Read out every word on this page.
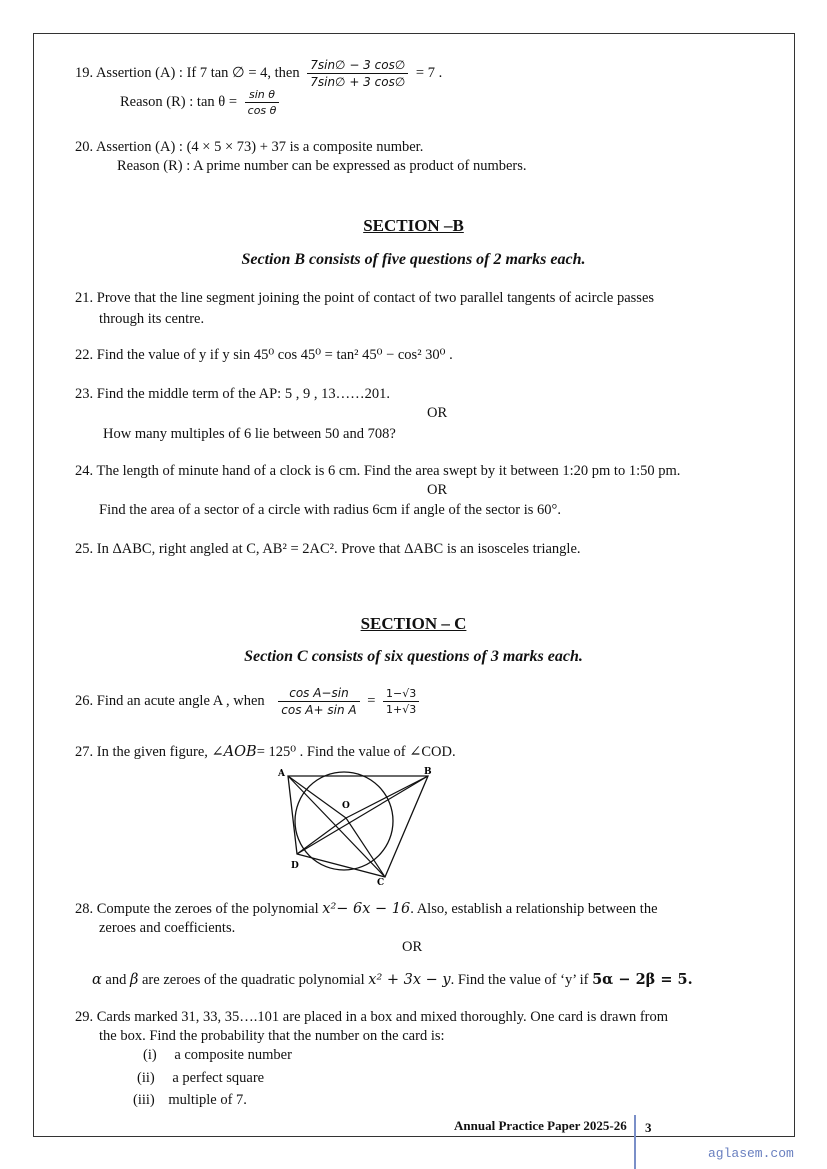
19. Assertion (A) : If 7 tan ∅ = 4, then $\frac{7\sin\emptyset - 3 \cos\emptyset}{7\sin\emptyset + 3 \cos\emptyset} = 7$ .
Reason (R) : $\tan \theta = \frac{\text{sin θ}}{\text{cos θ}}$
20. Assertion (A) : (4 × 5 × 73) + 37 is a composite number.
Reason (R) : A prime number can be expressed as product of numbers.
SECTION –B
Section B consists of five questions of 2 marks each.
21. Prove that the line segment joining the point of contact of two parallel tangents of acircle passes
through its centre.
22. Find the value of y if y sin 45⁰ cos 45⁰ = tan² 45⁰ − cos² 30⁰ .
23. Find the middle term of the AP: 5 , 9 , 13……201.
OR
How many multiples of 6 lie between 50 and 708?
24. The length of minute hand of a clock is 6 cm. Find the area swept by it between 1:20 pm to 1:50 pm.
OR
Find the area of a sector of a circle with radius 6cm if angle of the sector is 60°.
25. In ΔABC, right angled at C, AB² = 2AC². Prove that ΔABC is an isosceles triangle.
SECTION – C
Section C consists of six questions of 3 marks each.
26. Find an acute angle A , when $\frac{\text{cos A−sin}}{\text{cos A+ sin A}} = \frac{1-√3}{1+√3}$
27. In the given figure, ∠AOB= 125⁰ . Find the value of ∠COD.
A	B
C
D
O
28. Compute the zeroes of the polynomial x²− 6x − 16. Also, establish a relationship between the
zeroes and coefficients.
OR
α and β are zeroes of the quadratic polynomial x² + 3x − y. Find the value of ‘y’ if 5α − 2β = 5.
29. Cards marked 31, 33, 35….101 are placed in a box and mixed thoroughly. One card is drawn from
the box. Find the probability that the number on the card is:
(i) a composite number
(ii) a perfect square
(iii) multiple of 7.
Annual Practice Paper 2025-26 3
aglasem.com
